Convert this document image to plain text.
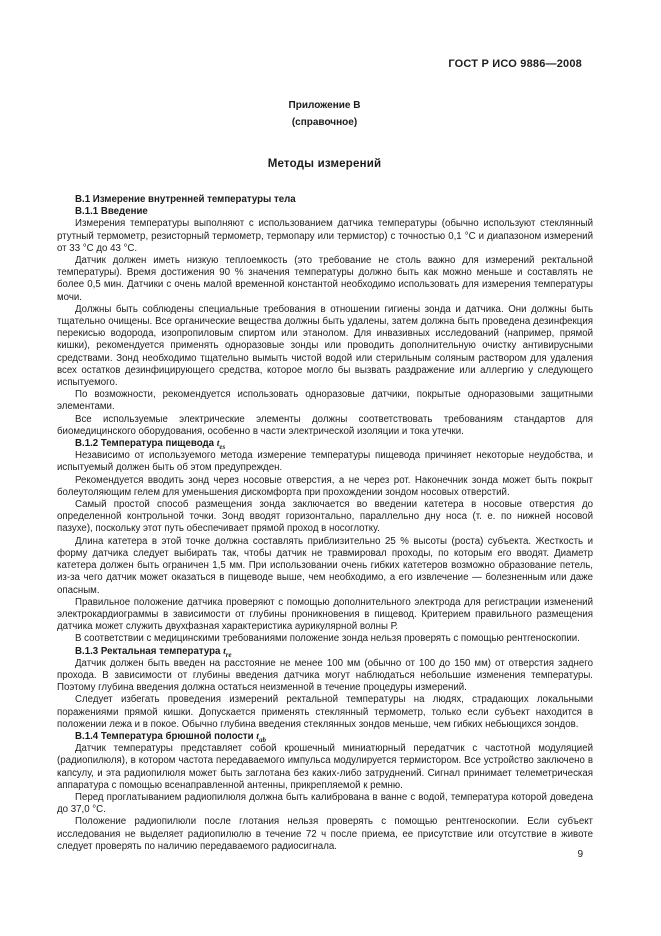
ГОСТ Р ИСО 9886—2008
Приложение В
(справочное)
Методы измерений
В.1 Измерение внутренней температуры тела
В.1.1 Введение
Измерения температуры выполняют с использованием датчика температуры (обычно используют стеклянный ртутный термометр, резисторный термометр, термопару или термистор) с точностью 0,1 °С и диапазоном измерений от 33 °С до 43 °С.
Датчик должен иметь низкую теплоемкость (это требование не столь важно для измерений ректальной температуры). Время достижения 90 % значения температуры должно быть как можно меньше и составлять не более 0,5 мин. Датчики с очень малой временной константой необходимо использовать для измерения температуры мочи.
Должны быть соблюдены специальные требования в отношении гигиены зонда и датчика. Они должны быть тщательно очищены. Все органические вещества должны быть удалены, затем должна быть проведена дезинфекция перекисью водорода, изопропиловым спиртом или этанолом. Для инвазивных исследований (например, прямой кишки), рекомендуется применять одноразовые зонды или проводить дополнительную очистку антивирусными средствами. Зонд необходимо тщательно вымыть чистой водой или стерильным соляным раствором для удаления всех остатков дезинфицирующего средства, которое могло бы вызвать раздражение или аллергию у следующего испытуемого.
По возможности, рекомендуется использовать одноразовые датчики, покрытые одноразовыми защитными элементами.
Все используемые электрические элементы должны соответствовать требованиям стандартов для биомедицинского оборудования, особенно в части электрической изоляции и тока утечки.
В.1.2 Температура пищевода $t_{es}$
Независимо от используемого метода измерение температуры пищевода причиняет некоторые неудобства, и испытуемый должен быть об этом предупрежден.
Рекомендуется вводить зонд через носовые отверстия, а не через рот. Наконечник зонда может быть покрыт болеутоляющим гелем для уменьшения дискомфорта при прохождении зондом носовых отверстий.
Самый простой способ размещения зонда заключается во введении катетера в носовые отверстия до определенной контрольной точки. Зонд вводят горизонтально, параллельно дну носа (т. е. по нижней носовой пазухе), поскольку этот путь обеспечивает прямой проход в носоглотку.
Длина катетера в этой точке должна составлять приблизительно 25 % высоты (роста) субъекта. Жесткость и форму датчика следует выбирать так, чтобы датчик не травмировал проходы, по которым его вводят. Диаметр катетера должен быть ограничен 1,5 мм. При использовании очень гибких катетеров возможно образование петель, из-за чего датчик может оказаться в пищеводе выше, чем необходимо, а его извлечение — болезненным или даже опасным.
Правильное положение датчика проверяют с помощью дополнительного электрода для регистрации изменений электрокардиограммы в зависимости от глубины проникновения в пищевод. Критерием правильного размещения датчика может служить двухфазная характеристика аурикулярной волны Р.
В соответствии с медицинскими требованиями положение зонда нельзя проверять с помощью рентгеноскопии.
В.1.3 Ректальная температура $t_{re}$
Датчик должен быть введен на расстояние не менее 100 мм (обычно от 100 до 150 мм) от отверстия заднего прохода. В зависимости от глубины введения датчика могут наблюдаться небольшие изменения температуры. Поэтому глубина введения должна остаться неизменной в течение процедуры измерений.
Следует избегать проведения измерений ректальной температуры на людях, страдающих локальными поражениями прямой кишки. Допускается применять стеклянный термометр, только если субъект находится в положении лежа и в покое. Обычно глубина введения стеклянных зондов меньше, чем гибких небьющихся зондов.
В.1.4 Температура брюшной полости $t_{ab}$
Датчик температуры представляет собой крошечный миниатюрный передатчик с частотной модуляцией (радиопилюля), в котором частота передаваемого импульса модулируется термистором. Все устройство заключено в капсулу, и эта радиопилюля может быть заглотана без каких-либо затруднений. Сигнал принимает телеметрическая аппаратура с помощью всенаправленной антенны, прикрепляемой к ремню.
Перед проглатыванием радиопилюля должна быть калибрована в ванне с водой, температура которой доведена до 37,0 °С.
Положение радиопилюли после глотания нельзя проверять с помощью рентгеноскопии. Если субъект исследования не выделяет радиопилюлю в течение 72 ч после приема, ее присутствие или отсутствие в животе следует проверять по наличию передаваемого радиосигнала.
9
